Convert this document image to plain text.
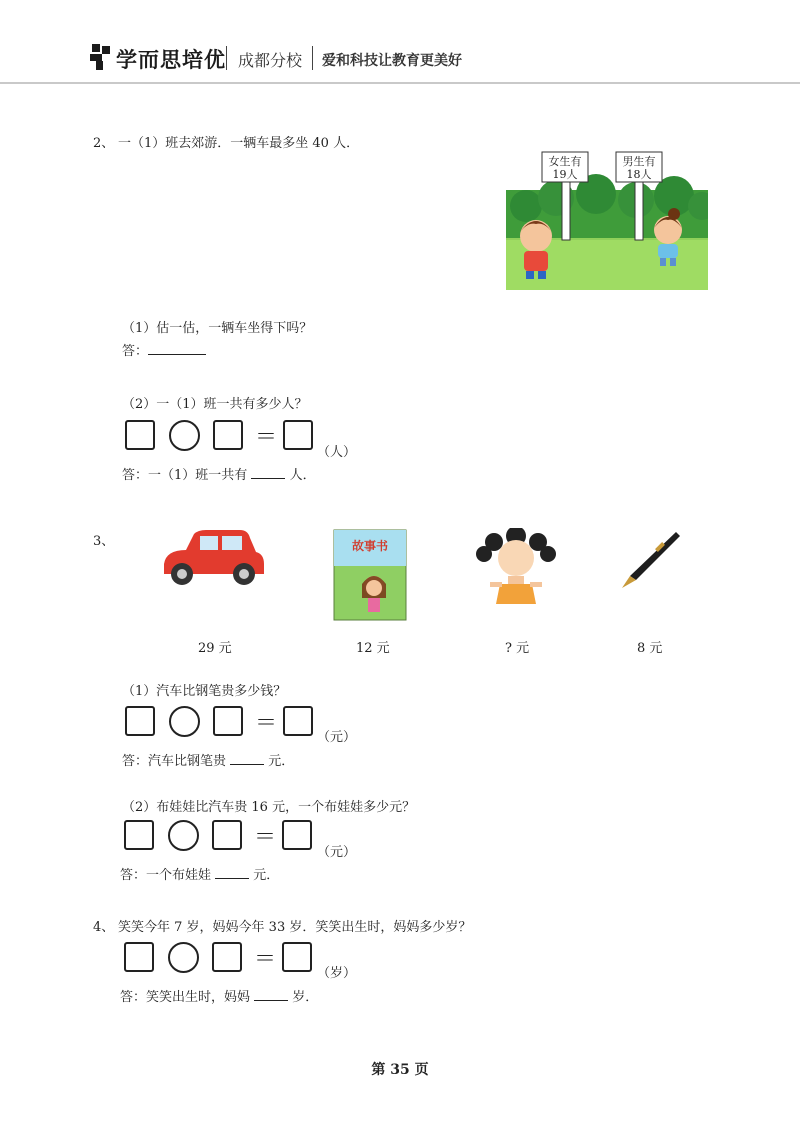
学而思培优 成都分校 爱和科技让教育更美好
2、 一（1）班去郊游．一辆车最多坐 40 人．
女生有
19人
男生有
18人
（1）估一估，一辆车坐得下吗？
答：
（2）一（1）班一共有多少人？
＝
（人）
答：一（1）班一共有	人．
3、	故事书
29 元	12 元	? 元	8 元
（1）汽车比钢笔贵多少钱？
＝
（元）
答：汽车比钢笔贵	元．
（2）布娃娃比汽车贵 16 元，一个布娃娃多少元？
＝
（元）
答：一个布娃娃	元．
4、 笑笑今年 7 岁，妈妈今年 33 岁．笑笑出生时，妈妈多少岁？
＝
（岁）
答：笑笑出生时，妈妈	岁．
第 35 页
